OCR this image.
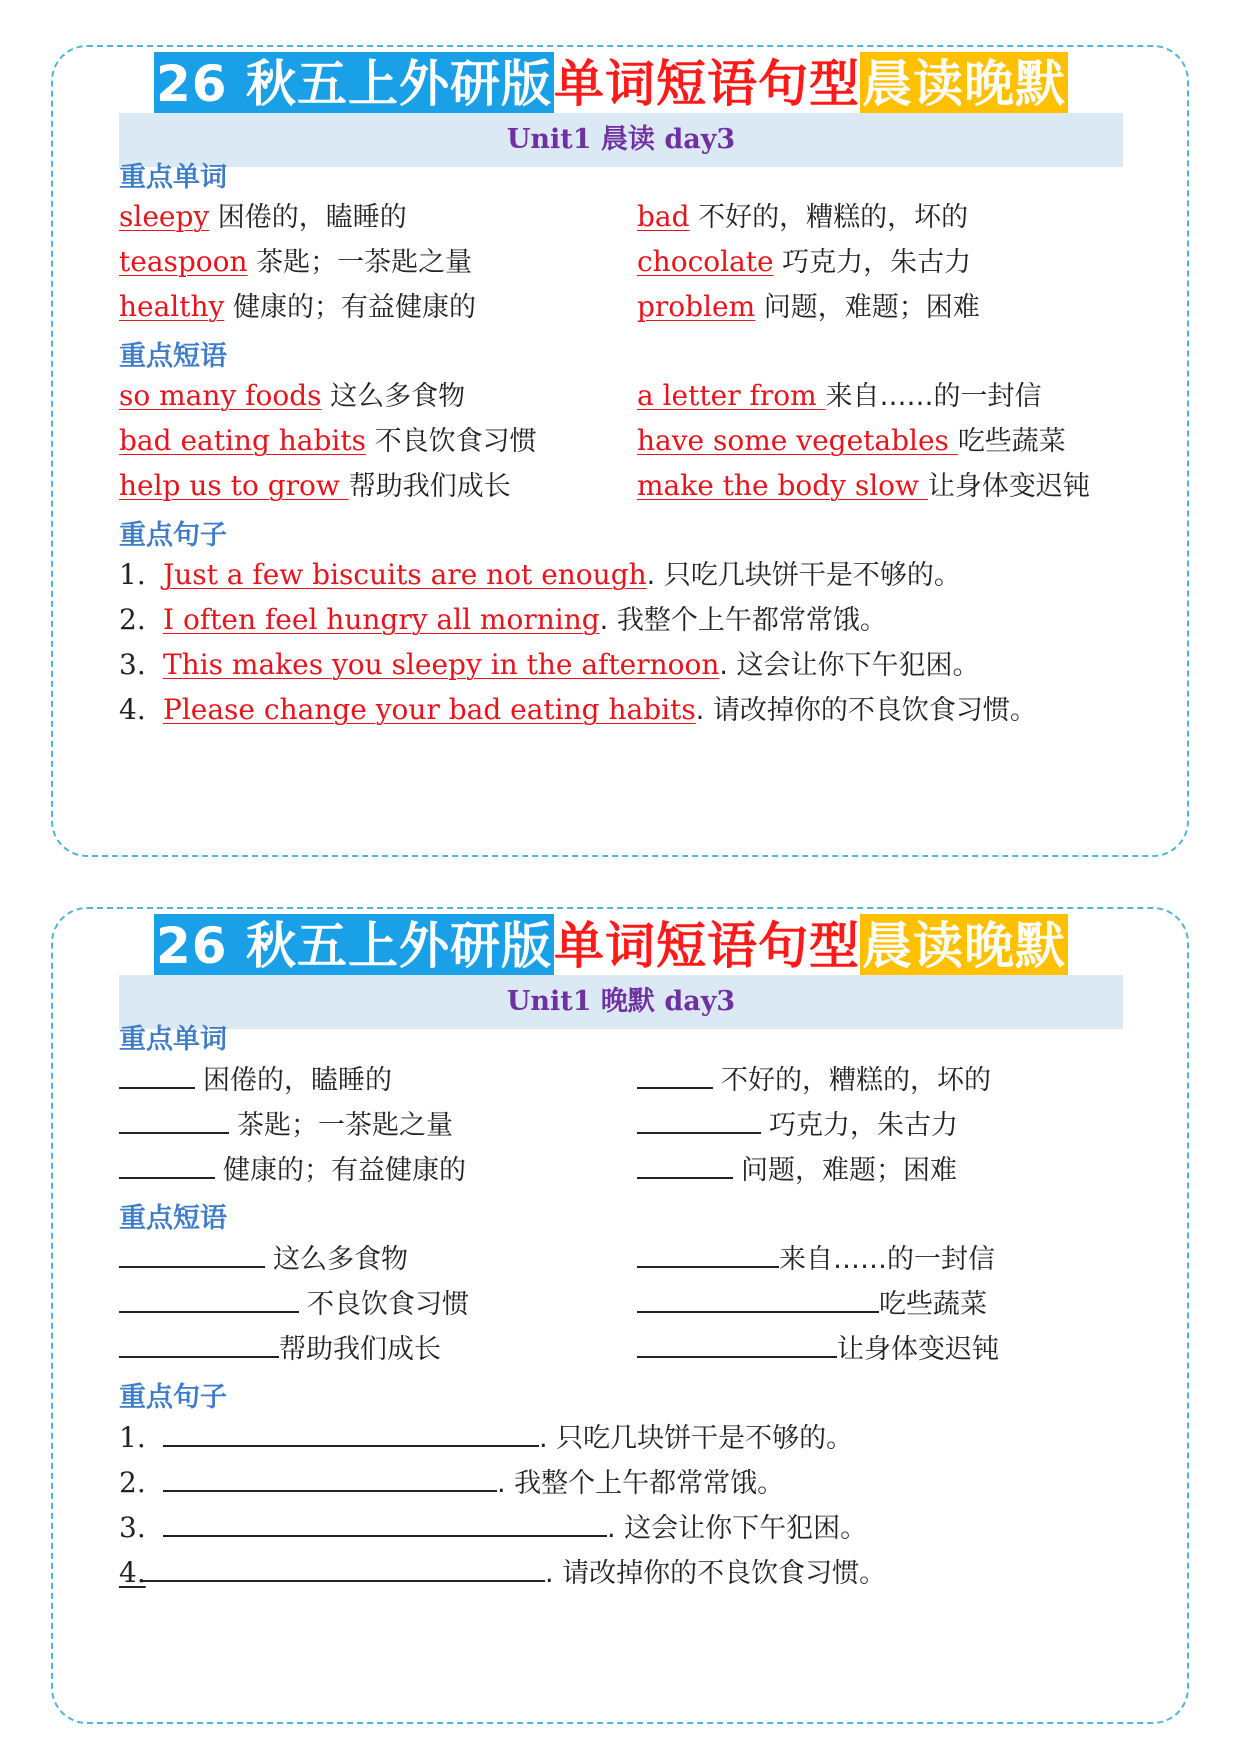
26 秋五上外研版 单词短语句型 晨读晚默
Unit1 晨读 day3
重点单词
sleepy 困倦的，瞌睡的	bad 不好的，糟糕的，坏的
teaspoon 茶匙；一茶匙之量	chocolate 巧克力，朱古力
healthy 健康的；有益健康的	problem 问题，难题；困难
重点短语
so many foods 这么多食物	a letter from 来自……的一封信
bad eating habits 不良饮食习惯	have some vegetables 吃些蔬菜
help us to grow 帮助我们成长	make the body slow 让身体变迟钝
重点句子
1. Just a few biscuits are not enough. 只吃几块饼干是不够的。
2. I often feel hungry all morning. 我整个上午都常常饿。
3. This makes you sleepy in the afternoon. 这会让你下午犯困。
4. Please change your bad eating habits. 请改掉你的不良饮食习惯。
26 秋五上外研版 单词短语句型 晨读晚默
Unit1 晚默 day3
重点单词
困倦的，瞌睡的	不好的，糟糕的，坏的
茶匙；一茶匙之量	巧克力，朱古力
健康的；有益健康的	问题，难题；困难
重点短语
这么多食物	来自……的一封信
不良饮食习惯	吃些蔬菜
帮助我们成长	让身体变迟钝
重点句子
1.	. 只吃几块饼干是不够的。
2.	. 我整个上午都常常饿。
3.	. 这会让你下午犯困。
4.	. 请改掉你的不良饮食习惯。
